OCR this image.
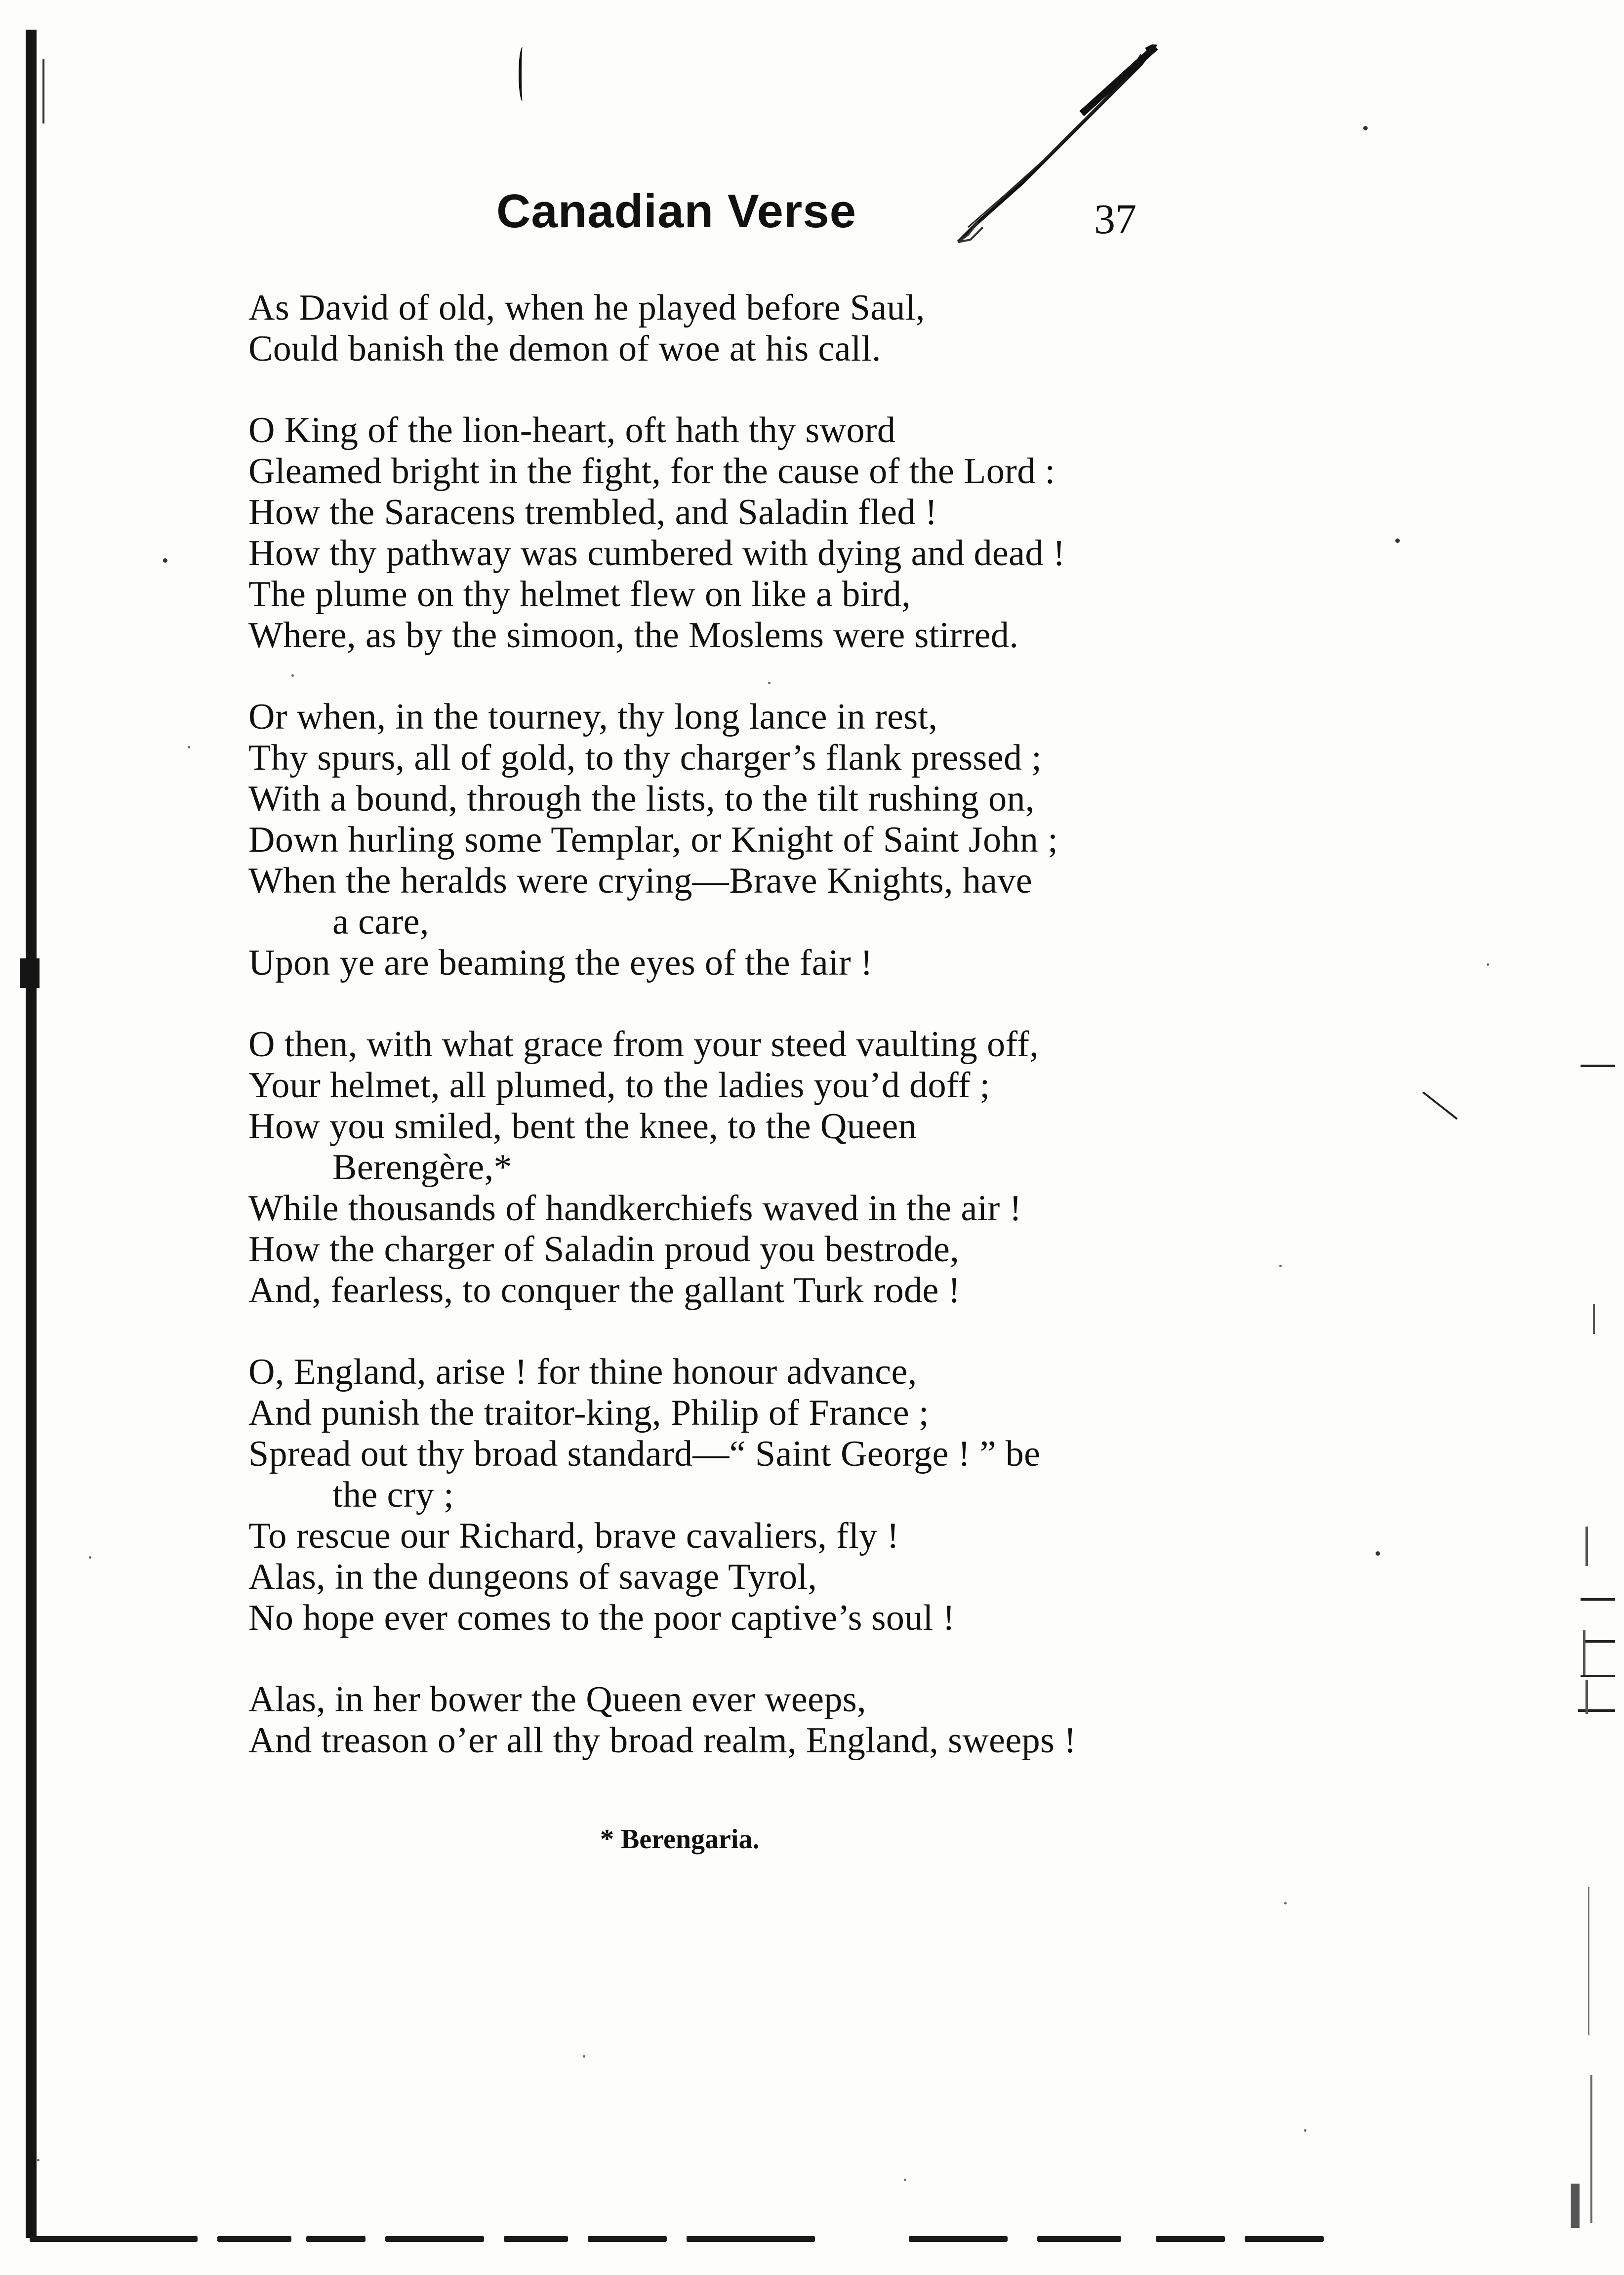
Canadian Verse	37
As David of old, when he played before Saul,
Could banish the demon of woe at his call.
O King of the lion-heart, oft hath thy sword
Gleamed bright in the fight, for the cause of the Lord :
How the Saracens trembled, and Saladin fled !
How thy pathway was cumbered with dying and dead !
The plume on thy helmet flew on like a bird,
Where, as by the simoon, the Moslems were stirred.
Or when, in the tourney, thy long lance in rest,
Thy spurs, all of gold, to thy charger’s flank pressed ;
With a bound, through the lists, to the tilt rushing on,
Down hurling some Templar, or Knight of Saint John ;
When the heralds were crying—Brave Knights, have
a care,
Upon ye are beaming the eyes of the fair !
O then, with what grace from your steed vaulting off,
Your helmet, all plumed, to the ladies you’d doff ;
How you smiled, bent the knee, to the Queen
Berengère,*
While thousands of handkerchiefs waved in the air !
How the charger of Saladin proud you bestrode,
And, fearless, to conquer the gallant Turk rode !
O, England, arise ! for thine honour advance,
And punish the traitor-king, Philip of France ;
Spread out thy broad standard—“ Saint George ! ” be
the cry ;
To rescue our Richard, brave cavaliers, fly !
Alas, in the dungeons of savage Tyrol,
No hope ever comes to the poor captive’s soul !
Alas, in her bower the Queen ever weeps,
And treason o’er all thy broad realm, England, sweeps !
* Berengaria.
